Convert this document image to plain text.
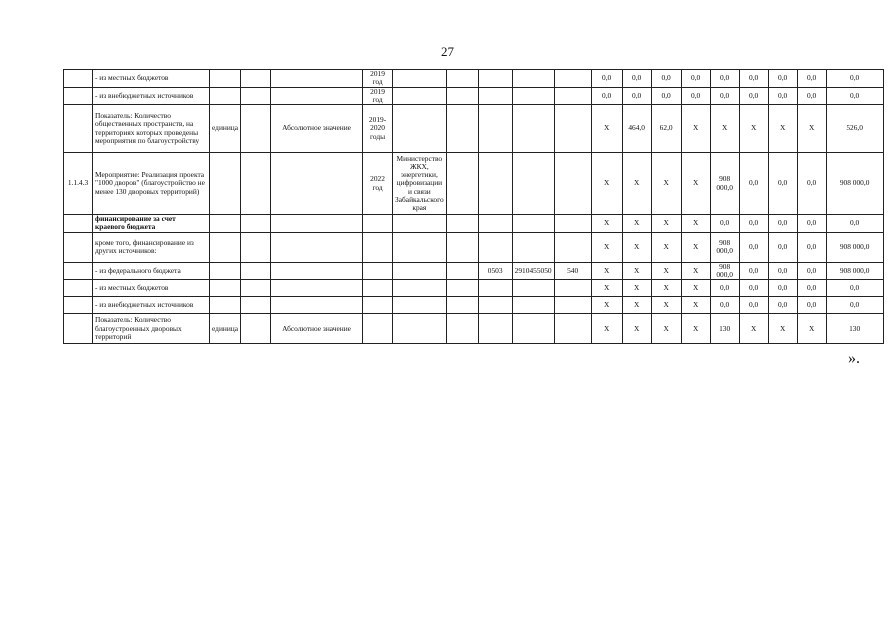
27
	- из местных бюджетов				2019 год						0,0	0,0	0,0	0,0	0,0	0,0	0,0	0,0	0,0
	- из внебюджетных источников				2019 год						0,0	0,0	0,0	0,0	0,0	0,0	0,0	0,0	0,0
	Показатель: Количество общественных пространств, на территориях которых проведены мероприятия по благоустройству	единица		Абсолютное значение	2019-2020 годы						X	464,0	62,0	X	X	X	X	X	526,0
1.1.4.3	Мероприятие: Реализация проекта "1000 дворов" (благоустройство не менее 130 дворовых территорий)				2022 год	Министерство ЖКХ, энергетики, цифровизации и связи Забайкальского края					X	X	X	X	908 000,0	0,0	0,0	0,0	908 000,0
	финансирование за счет краевого бюджета										X	X	X	X	0,0	0,0	0,0	0,0	0,0
	кроме того, финансирование из других источников:										X	X	X	X	908 000,0	0,0	0,0	0,0	908 000,0
	- из федерального бюджета							0503	2910455050	540	X	X	X	X	908 000,0	0,0	0,0	0,0	908 000,0
	- из местных бюджетов										X	X	X	X	0,0	0,0	0,0	0,0	0,0
	- из внебюджетных источников										X	X	X	X	0,0	0,0	0,0	0,0	0,0
	Показатель: Количество благоустроенных дворовых территорий	единица		Абсолютное значение							X	X	X	X	130	X	X	X	130
».
